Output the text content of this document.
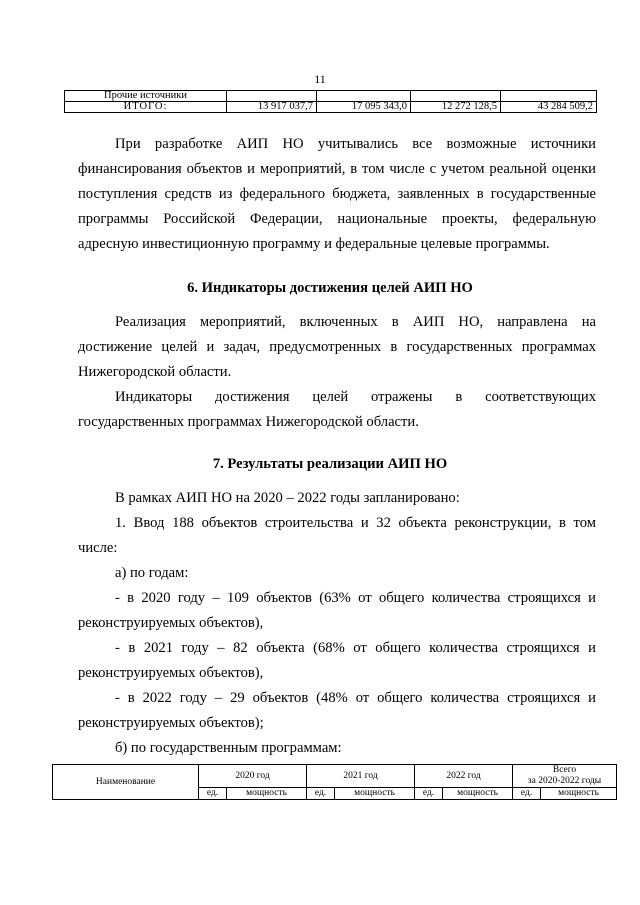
11
Прочие источники				
ИТОГО:	13 917 037,7	17 095 343,0	12 272 128,5	43 284 509,2

При разработке АИП НО учитывались все возможные источники финансирования объектов и мероприятий, в том числе с учетом реальной оценки поступления средств из федерального бюджета, заявленных в государственные программы Российской Федерации, национальные проекты, федеральную адресную инвестиционную программу и федеральные целевые программы.

6. Индикаторы достижения целей АИП НО

Реализация мероприятий, включенных в АИП НО, направлена на достижение целей и задач, предусмотренных в государственных программах Нижегородской области.

Индикаторы достижения целей отражены в соответствующих государственных программах Нижегородской области.

7. Результаты реализации АИП НО

В рамках АИП НО на 2020 – 2022 годы запланировано:

1. Ввод 188 объектов строительства и 32 объекта реконструкции, в том числе:

а) по годам:

- в 2020 году – 109 объектов (63% от общего количества строящихся и реконструируемых объектов),

- в 2021 году – 82 объекта (68% от общего количества строящихся и реконструируемых объектов),

- в 2022 году – 29 объектов (48% от общего количества строящихся и реконструируемых объектов);

б) по государственным программам:

Наименование	2020 год		2021 год		2022 год		Всего
за 2020-2022 годы	
	ед.	мощность	ед.	мощность	ед.	мощность	ед.	мощность
